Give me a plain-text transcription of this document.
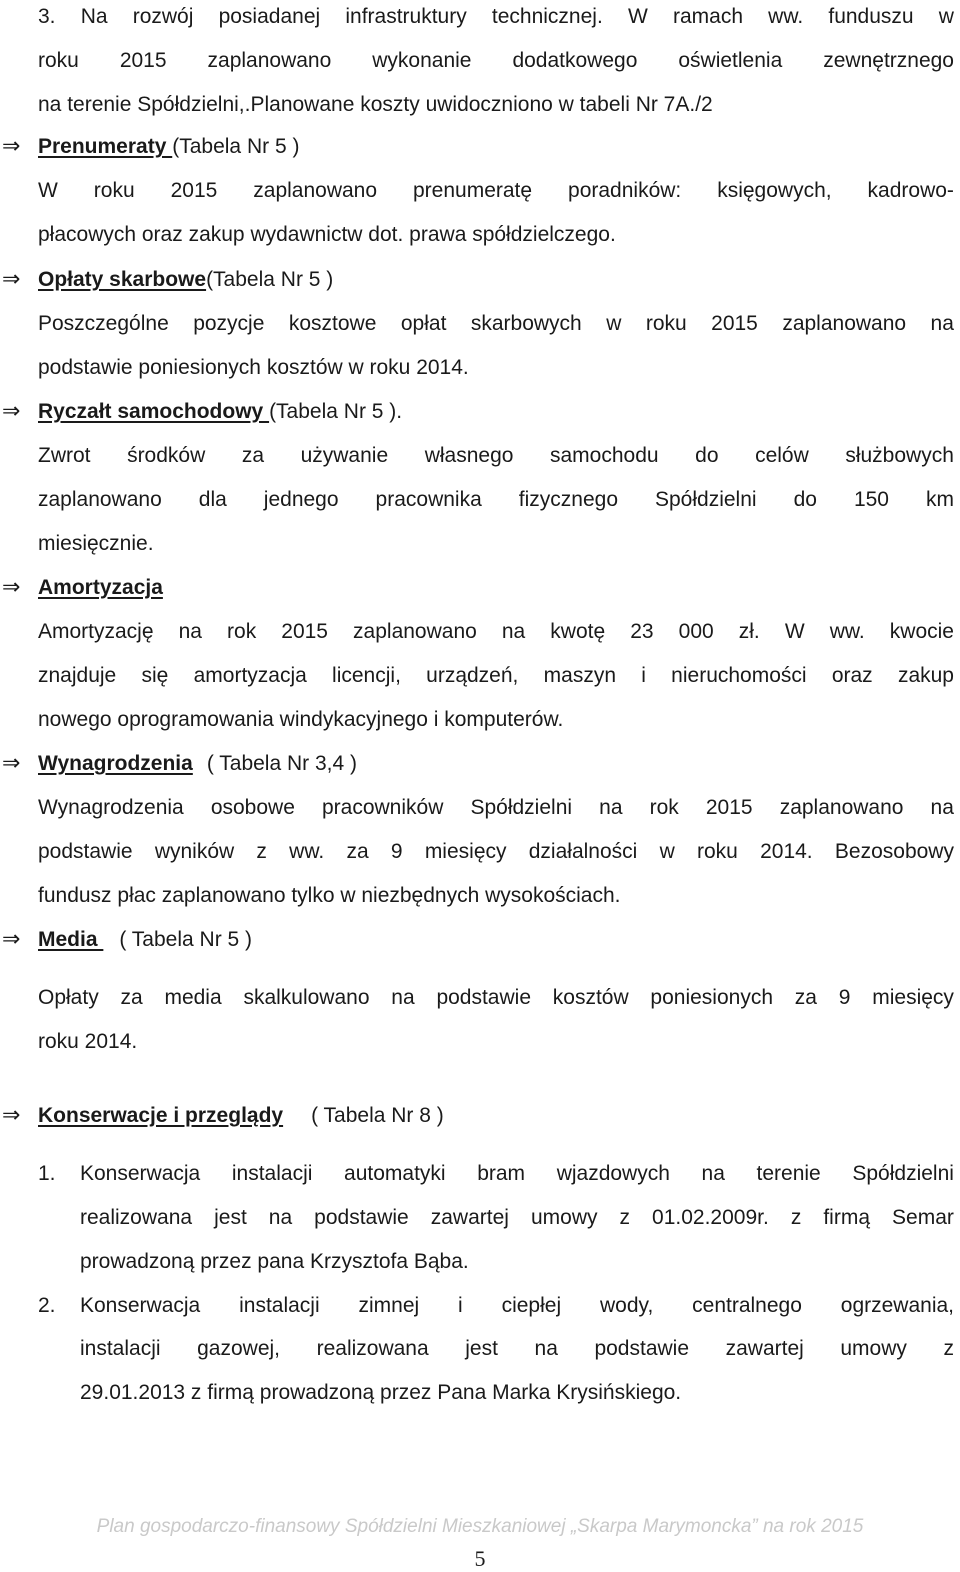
3. Na rozwój posiadanej infrastruktury technicznej. W ramach ww. funduszu w
roku 2015 zaplanowano wykonanie dodatkowego oświetlenia zewnętrznego
na terenie Spółdzielni,.Planowane koszty uwidoczniono w tabeli Nr 7A./2
⇒ Prenumeraty (Tabela Nr 5 )
W roku 2015 zaplanowano prenumeratę poradników: księgowych, kadrowo-
płacowych oraz zakup wydawnictw dot. prawa spółdzielczego.
⇒ Opłaty skarbowe(Tabela Nr 5 )
Poszczególne pozycje kosztowe opłat skarbowych w roku 2015 zaplanowano na
podstawie poniesionych kosztów w roku 2014.
⇒ Ryczałt samochodowy (Tabela Nr 5 ).
Zwrot środków za używanie własnego samochodu do celów służbowych
zaplanowano dla jednego pracownika fizycznego Spółdzielni do 150 km
miesięcznie.
⇒ Amortyzacja
Amortyzację na rok 2015 zaplanowano na kwotę 23 000 zł. W ww. kwocie
znajduje się amortyzacja licencji, urządzeń, maszyn i nieruchomości oraz zakup
nowego oprogramowania windykacyjnego i komputerów.
⇒ Wynagrodzenia ( Tabela Nr 3,4 )
Wynagrodzenia osobowe pracowników Spółdzielni na rok 2015 zaplanowano na
podstawie wyników z ww. za 9 miesięcy działalności w roku 2014. Bezosobowy
fundusz płac zaplanowano tylko w niezbędnych wysokościach.
⇒ Media ( Tabela Nr 5 )
Opłaty za media skalkulowano na podstawie kosztów poniesionych za 9 miesięcy
roku 2014.
⇒ Konserwacje i przeglądy ( Tabela Nr 8 )
1. Konserwacja instalacji automatyki bram wjazdowych na terenie Spółdzielni
realizowana jest na podstawie zawartej umowy z 01.02.2009r. z firmą Semar
prowadzoną przez pana Krzysztofa Bąba.
2. Konserwacja instalacji zimnej i ciepłej wody, centralnego ogrzewania,
instalacji gazowej, realizowana jest na podstawie zawartej umowy z
29.01.2013 z firmą prowadzoną przez Pana Marka Krysińskiego.
Plan gospodarczo-finansowy Spółdzielni Mieszkaniowej „Skarpa Marymoncka” na rok 2015
5
